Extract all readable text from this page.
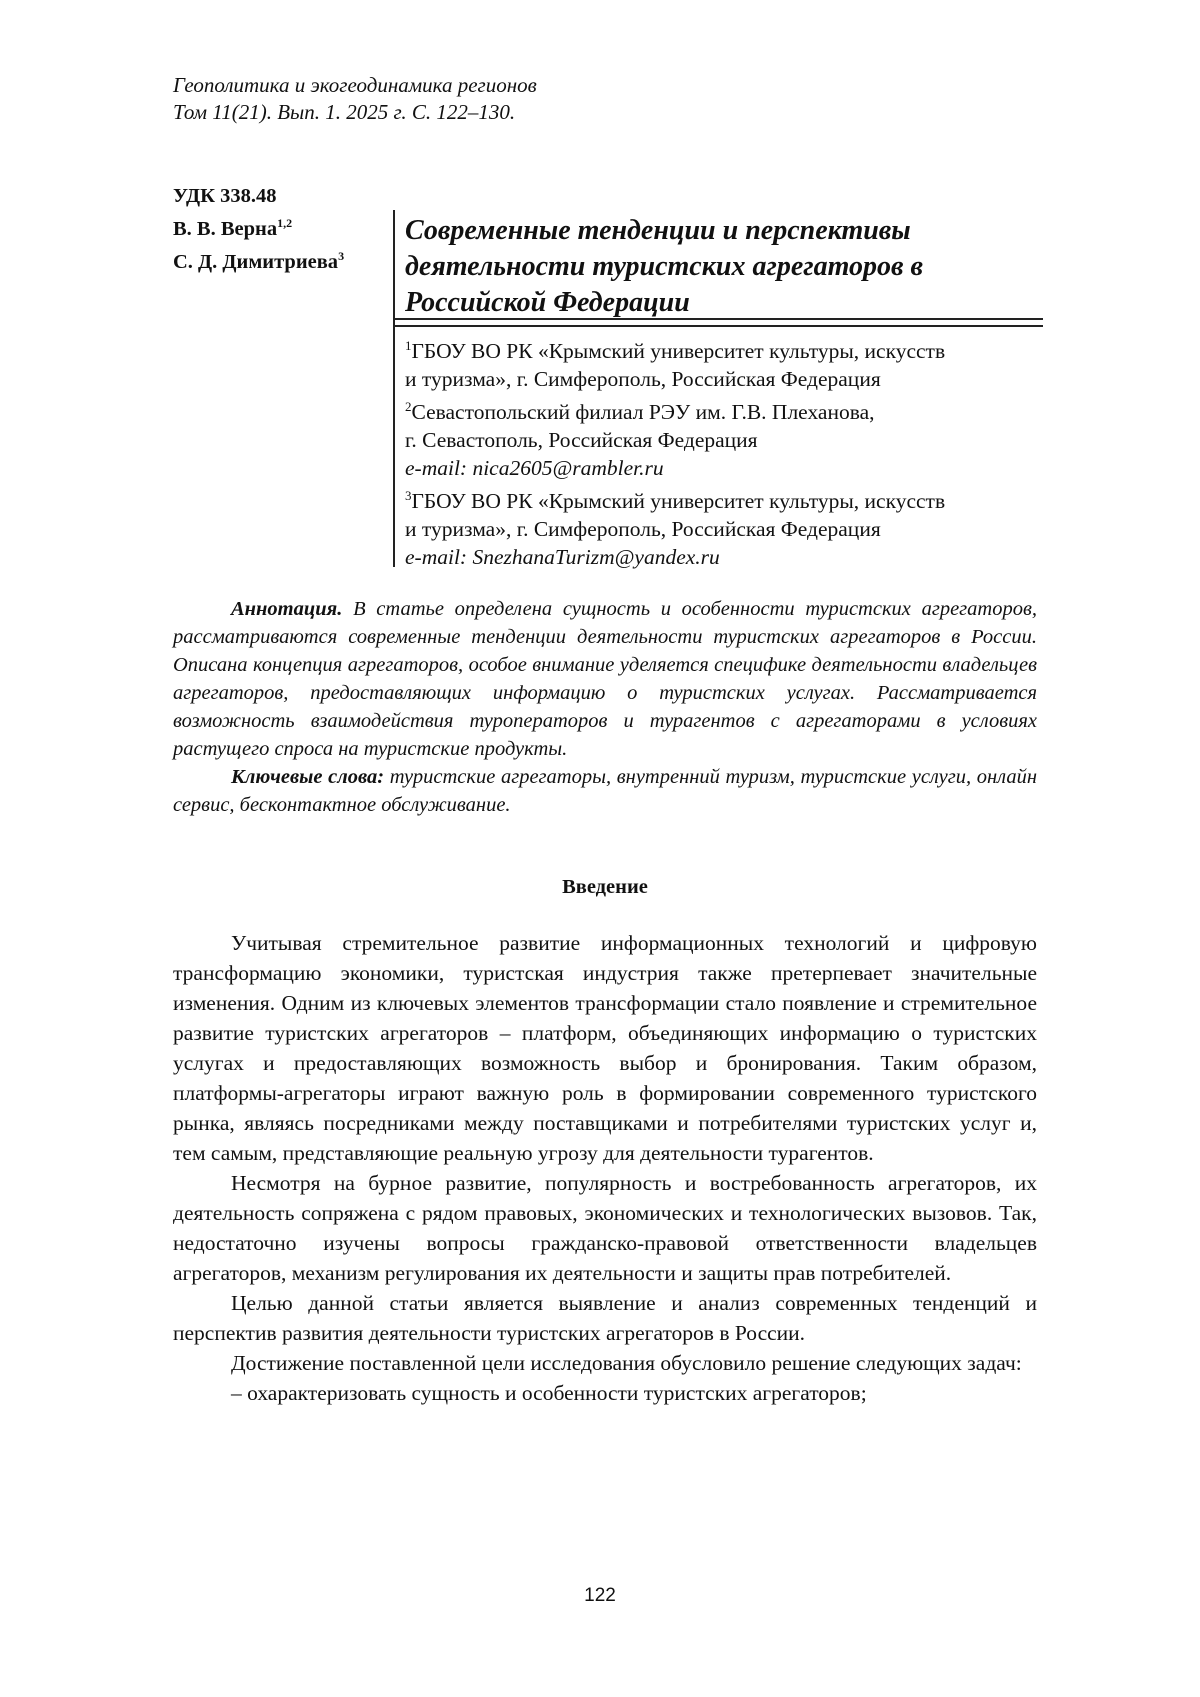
Геополитика и экогеодинамика регионов
Том 11(21). Вып. 1. 2025 г. С. 122–130.
УДК 338.48
В. В. Верна$^{1,2}$
С. Д. Димитриева$^3$
Современные тенденции и перспективы
деятельности туристских агрегаторов в
Российской Федерации
$^1$ГБОУ ВО РК «Крымский университет культуры, искусств
и туризма», г. Симферополь, Российская Федерация
$^2$Севастопольский филиал РЭУ им. Г.В. Плеханова,
г. Севастополь, Российская Федерация
e-mail: nica2605@rambler.ru
$^3$ГБОУ ВО РК «Крымский университет культуры, искусств
и туризма», г. Симферополь, Российская Федерация
e-mail: SnezhanaTurizm@yandex.ru

Аннотация. В статье определена сущность и особенности туристских агрегаторов, рассматриваются современные тенденции деятельности туристских агрегаторов в России. Описана концепция агрегаторов, особое внимание уделяется специфике деятельности владельцев агрегаторов, предоставляющих информацию о туристских услугах. Рассматривается возможность взаимодействия туроператоров и турагентов с агрегаторами в условиях растущего спроса на туристские продукты.

Ключевые слова: туристские агрегаторы, внутренний туризм, туристские услуги, онлайн сервис, бесконтактное обслуживание.

Введение

Учитывая стремительное развитие информационных технологий и цифровую трансформацию экономики, туристская индустрия также претерпевает значительные изменения. Одним из ключевых элементов трансформации стало появление и стремительное развитие туристских агрегаторов – платформ, объединяющих информацию о туристских услугах и предоставляющих возможность выбор и бронирования. Таким образом, платформы-агрегаторы играют важную роль в формировании современного туристского рынка, являясь посредниками между поставщиками и потребителями туристских услуг и, тем самым, представляющие реальную угрозу для деятельности турагентов.

Несмотря на бурное развитие, популярность и востребованность агрегаторов, их деятельность сопряжена с рядом правовых, экономических и технологических вызовов. Так, недостаточно изучены вопросы гражданско-правовой ответственности владельцев агрегаторов, механизм регулирования их деятельности и защиты прав потребителей.

Целью данной статьи является выявление и анализ современных тенденций и перспектив развития деятельности туристских агрегаторов в России.

Достижение поставленной цели исследования обусловило решение следующих задач:

– охарактеризовать сущность и особенности туристских агрегаторов;

122
